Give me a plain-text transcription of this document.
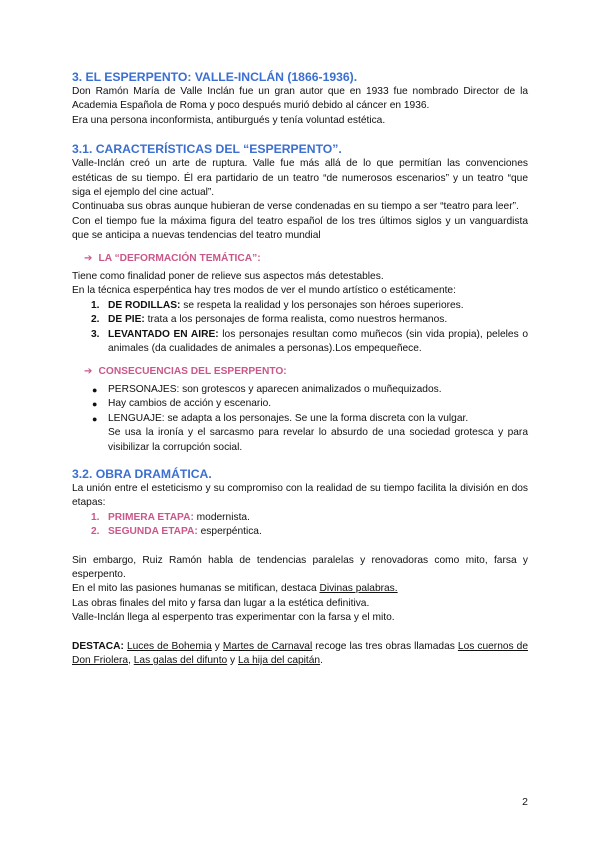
3. EL ESPERPENTO: VALLE-INCLÁN (1866-1936).

Don Ramón María de Valle Inclán fue un gran autor que en 1933 fue nombrado Director de la Academia Española de Roma y poco después murió debido al cáncer en 1936.

Era una persona inconformista, antiburgués y tenía voluntad estética.

3.1. CARACTERÍSTICAS DEL “ESPERPENTO”.

Valle-Inclán creó un arte de ruptura. Valle fue más allá de lo que permitían las convenciones estéticas de su tiempo. Él era partidario de un teatro “de numerosos escenarios” y un teatro “que siga el ejemplo del cine actual”.

Continuaba sus obras aunque hubieran de verse condenadas en su tiempo a ser “teatro para leer”.

Con el tiempo fue la máxima figura del teatro español de los tres últimos siglos y un vanguardista que se anticipa a nuevas tendencias del teatro mundial

➔ LA “DEFORMACIÓN TEMÁTICA”:

Tiene como finalidad poner de relieve sus aspectos más detestables.

En la técnica esperpéntica hay tres modos de ver el mundo artístico o estéticamente:

1. DE RODILLAS: se respeta la realidad y los personajes son héroes superiores.
2. DE PIE: trata a los personajes de forma realista, como nuestros hermanos.
3. LEVANTADO EN AIRE: los personajes resultan como muñecos (sin vida propia), peleles o animales (da cualidades de animales a personas).Los empequeñece.
➔ CONSECUENCIAS DEL ESPERPENTO:
● PERSONAJES: son grotescos y aparecen animalizados o muñequizados.
● Hay cambios de acción y escenario.
● LENGUAJE: se adapta a los personajes. Se une la forma discreta con la vulgar.
Se usa la ironía y el sarcasmo para revelar lo absurdo de una sociedad grotesca y para visibilizar la corrupción social.
3.2. OBRA DRAMÁTICA.

La unión entre el esteticismo y su compromiso con la realidad de su tiempo facilita la división en dos etapas:

1. PRIMERA ETAPA: modernista.
2. SEGUNDA ETAPA: esperpéntica.

Sin embargo, Ruiz Ramón habla de tendencias paralelas y renovadoras como mito, farsa y esperpento.

En el mito las pasiones humanas se mitifican, destaca Divinas palabras.

Las obras finales del mito y farsa dan lugar a la estética definitiva.

Valle-Inclán llega al esperpento tras experimentar con la farsa y el mito.

DESTACA: Luces de Bohemia y Martes de Carnaval recoge las tres obras llamadas Los cuernos de Don Friolera, Las galas del difunto y La hija del capitán.

2
